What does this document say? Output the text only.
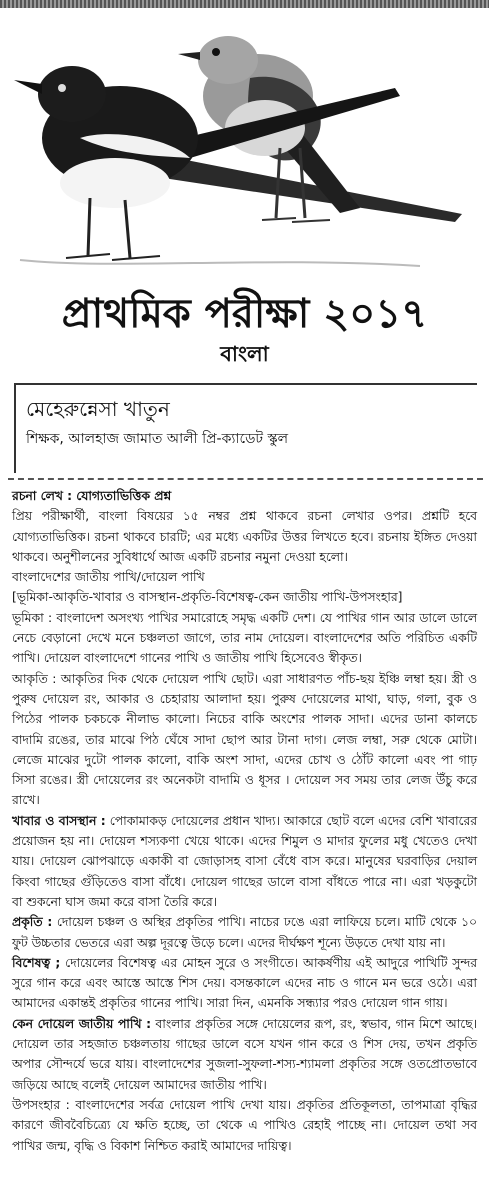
প্রাথমিক পরীক্ষা ২০১৭
বাংলা
মেহেরুন্নেসা খাতুন
শিক্ষক, আলহাজ জামাত আলী প্রি-ক্যাডেট স্কুল

রচনা লেখ : যোগ্যতাভিত্তিক প্রশ্ন

প্রিয় পরীক্ষার্থী, বাংলা বিষয়ের ১৫ নম্বর প্রশ্ন থাকবে রচনা লেখার ওপর। প্রশ্নটি হবে যোগ্যতাভিত্তিক। রচনা থাকবে চারটি; এর মধ্যে একটির উত্তর লিখতে হবে। রচনায় ইঙ্গিত দেওয়া থাকবে। অনুশীলনের সুবিধার্থে আজ একটি রচনার নমুনা দেওয়া হলো।

বাংলাদেশের জাতীয় পাখি/দোয়েল পাখি

[ভূমিকা-আকৃতি-খাবার ও বাসস্থান-প্রকৃতি-বিশেষত্ব-কেন জাতীয় পাখি-উপসংহার]

ভূমিকা : বাংলাদেশ অসংখ্য পাখির সমারোহে সমৃদ্ধ একটি দেশ। যে পাখির গান আর ডালে ডালে নেচে বেড়ানো দেখে মনে চঞ্চলতা জাগে, তার নাম দোয়েল। বাংলাদেশের অতি পরিচিত একটি পাখি। দোয়েল বাংলাদেশে গানের পাখি ও জাতীয় পাখি হিসেবেও স্বীকৃত।

আকৃতি : আকৃতির দিক থেকে দোয়েল পাখি ছোট। এরা সাধারণত পাঁচ-ছয় ইঞ্চি লম্বা হয়। স্ত্রী ও পুরুষ দোয়েল রং, আকার ও চেহারায় আলাদা হয়। পুরুষ দোয়েলের মাথা, ঘাড়, গলা, বুক ও পিঠের পালক চকচকে নীলাভ কালো। নিচের বাকি অংশের পালক সাদা। এদের ডানা কালচে বাদামি রঙের, তার মাঝে পিঠ ঘেঁষে সাদা ছোপ আর টানা দাগ। লেজ লম্বা, সরু থেকে মোটা। লেজে মাঝের দুটো পালক কালো, বাকি অংশ সাদা, এদের চোখ ও ঠোঁট কালো এবং পা গাঢ় সিসা রঙের। স্ত্রী দোয়েলের রং অনেকটা বাদামি ও ধূসর । দোয়েল সব সময় তার লেজ উঁচু করে রাখে।

খাবার ও বাসস্থান : পোকামাকড় দোয়েলের প্রধান খাদ্য। আকারে ছোট বলে এদের বেশি খাবারের প্রয়োজন হয় না। দোয়েল শস্যকণা খেয়ে থাকে। এদের শিমুল ও মাদার ফুলের মধু খেতেও দেখা যায়। দোয়েল ঝোপঝাড়ে একাকী বা জোড়াসহ বাসা বেঁধে বাস করে। মানুষের ঘরবাড়ির দেয়াল কিংবা গাছের গুঁড়িতেও বাসা বাঁধে। দোয়েল গাছের ডালে বাসা বাঁধতে পারে না। এরা খড়কুটো বা শুকনো ঘাস জমা করে বাসা তৈরি করে।

প্রকৃতি : দোয়েল চঞ্চল ও অস্থির প্রকৃতির পাখি। নাচের ঢঙে এরা লাফিয়ে চলে। মাটি থেকে ১০ ফুট উচ্চতার ভেতরে এরা অল্প দূরত্বে উড়ে চলে। এদের দীর্ঘক্ষণ শূন্যে উড়তে দেখা যায় না।

বিশেষত্ব ; দোয়েলের বিশেষত্ব এর মোহন সুরে ও সংগীতে। আকর্ষণীয় এই আদুরে পাখিটি সুন্দর সুরে গান করে এবং আস্তে আস্তে শিস দেয়। বসন্তকালে এদের নাচ ও গানে মন ভরে ওঠে। এরা আমাদের একান্তই প্রকৃতির গানের পাখি। সারা দিন, এমনকি সন্ধ্যার পরও দোয়েল গান গায়।

কেন দোয়েল জাতীয় পাখি : বাংলার প্রকৃতির সঙ্গে দোয়েলের রূপ, রং, স্বভাব, গান মিশে আছে। দোয়েল তার সহজাত চঞ্চলতায় গাছের ডালে বসে যখন গান করে ও শিস দেয়, তখন প্রকৃতি অপার সৌন্দর্যে ভরে যায়। বাংলাদেশের সুজলা-সুফলা-শস্য-শ্যামলা প্রকৃতির সঙ্গে ওতপ্রোতভাবে জড়িয়ে আছে বলেই দোয়েল আমাদের জাতীয় পাখি।

উপসংহার : বাংলাদেশের সর্বত্র দোয়েল পাখি দেখা যায়। প্রকৃতির প্রতিকূলতা, তাপমাত্রা বৃদ্ধির কারণে জীববৈচিত্র্যে যে ক্ষতি হচ্ছে, তা থেকে এ পাখিও রেহাই পাচ্ছে না। দোয়েল তথা সব পাখির জন্ম, বৃদ্ধি ও বিকাশ নিশ্চিত করাই আমাদের দায়িত্ব।
